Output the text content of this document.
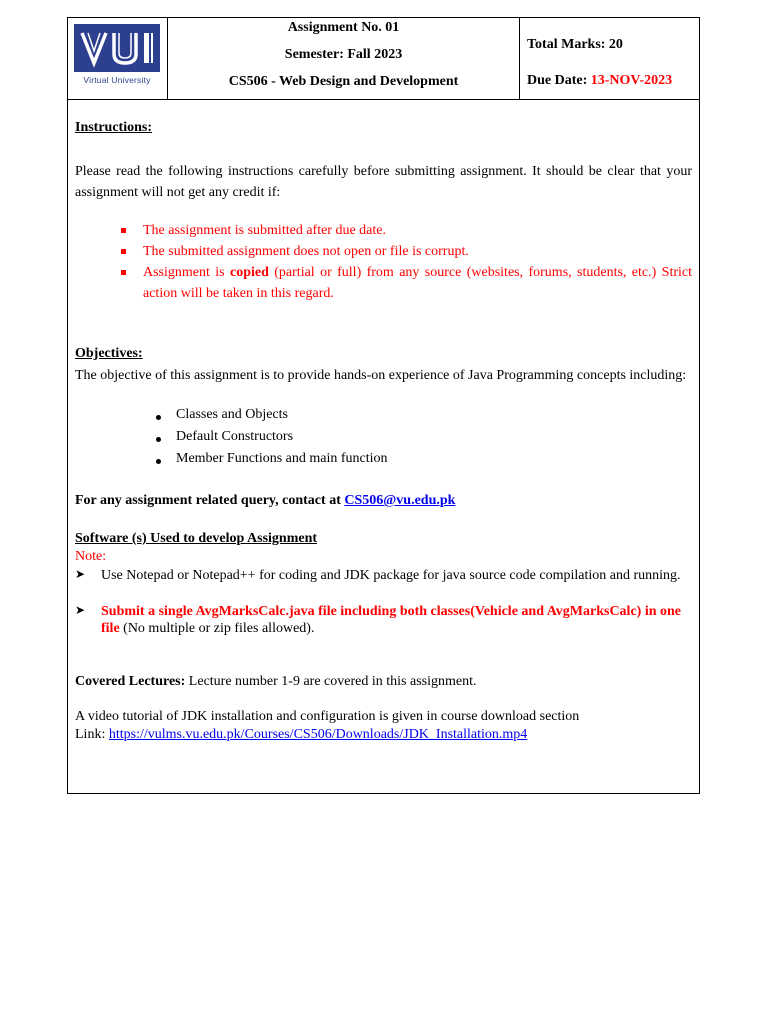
Virtual University
Assignment No. 01
Semester: Fall 2023
CS506 - Web Design and Development
Total Marks: 20
Due Date: 13-NOV-2023
Instructions:
Please read the following instructions carefully before submitting assignment. It should be clear that your assignment will not get any credit if:
The assignment is submitted after due date.
The submitted assignment does not open or file is corrupt.
Assignment is copied (partial or full) from any source (websites, forums, students, etc.) Strict action will be taken in this regard.
Objectives:
The objective of this assignment is to provide hands-on experience of Java Programming concepts including:
Classes and Objects
Default Constructors
Member Functions and main function
For any assignment related query, contact at CS506@vu.edu.pk
Software (s) Used to develop Assignment
Note:
➤ Use Notepad or Notepad++ for coding and JDK package for java source code compilation and running.
➤ Submit a single AvgMarksCalc.java file including both classes(Vehicle and AvgMarksCalc) in one file (No multiple or zip files allowed).
Covered Lectures: Lecture number 1-9 are covered in this assignment.
A video tutorial of JDK installation and configuration is given in course download section
Link: https://vulms.vu.edu.pk/Courses/CS506/Downloads/JDK_Installation.mp4
